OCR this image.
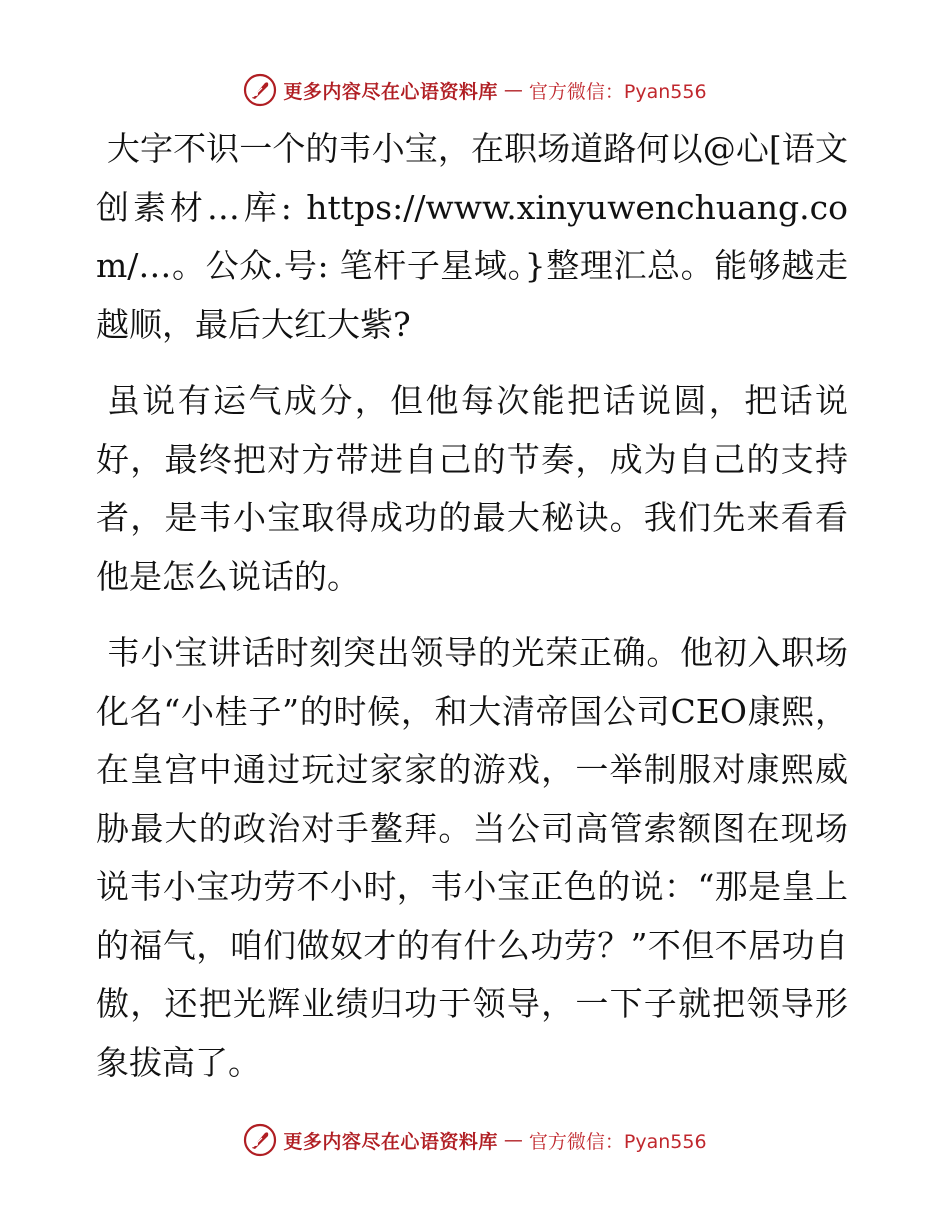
更多内容尽在心语资料库 — 官方微信：Pyan556

大字不识一个的韦小宝，在职场道路何以@心[语文创素材…库: https://www.xinyuwenchuang.com/…。公众.号: 笔杆子星域。}整理汇总。能够越走越顺，最后大红大紫?

虽说有运气成分，但他每次能把话说圆，把话说好，最终把对方带进自己的节奏，成为自己的支持者，是韦小宝取得成功的最大秘诀。我们先来看看他是怎么说话的。

韦小宝讲话时刻突出领导的光荣正确。他初入职场化名“小桂子”的时候，和大清帝国公司CEO康熙，在皇宫中通过玩过家家的游戏，一举制服对康熙威胁最大的政治对手鳌拜。当公司高管索额图在现场说韦小宝功劳不小时，韦小宝正色的说：“那是皇上的福气，咱们做奴才的有什么功劳？”不但不居功自傲，还把光辉业绩归功于领导，一下子就把领导形象拔高了。

更多内容尽在心语资料库 — 官方微信：Pyan556
